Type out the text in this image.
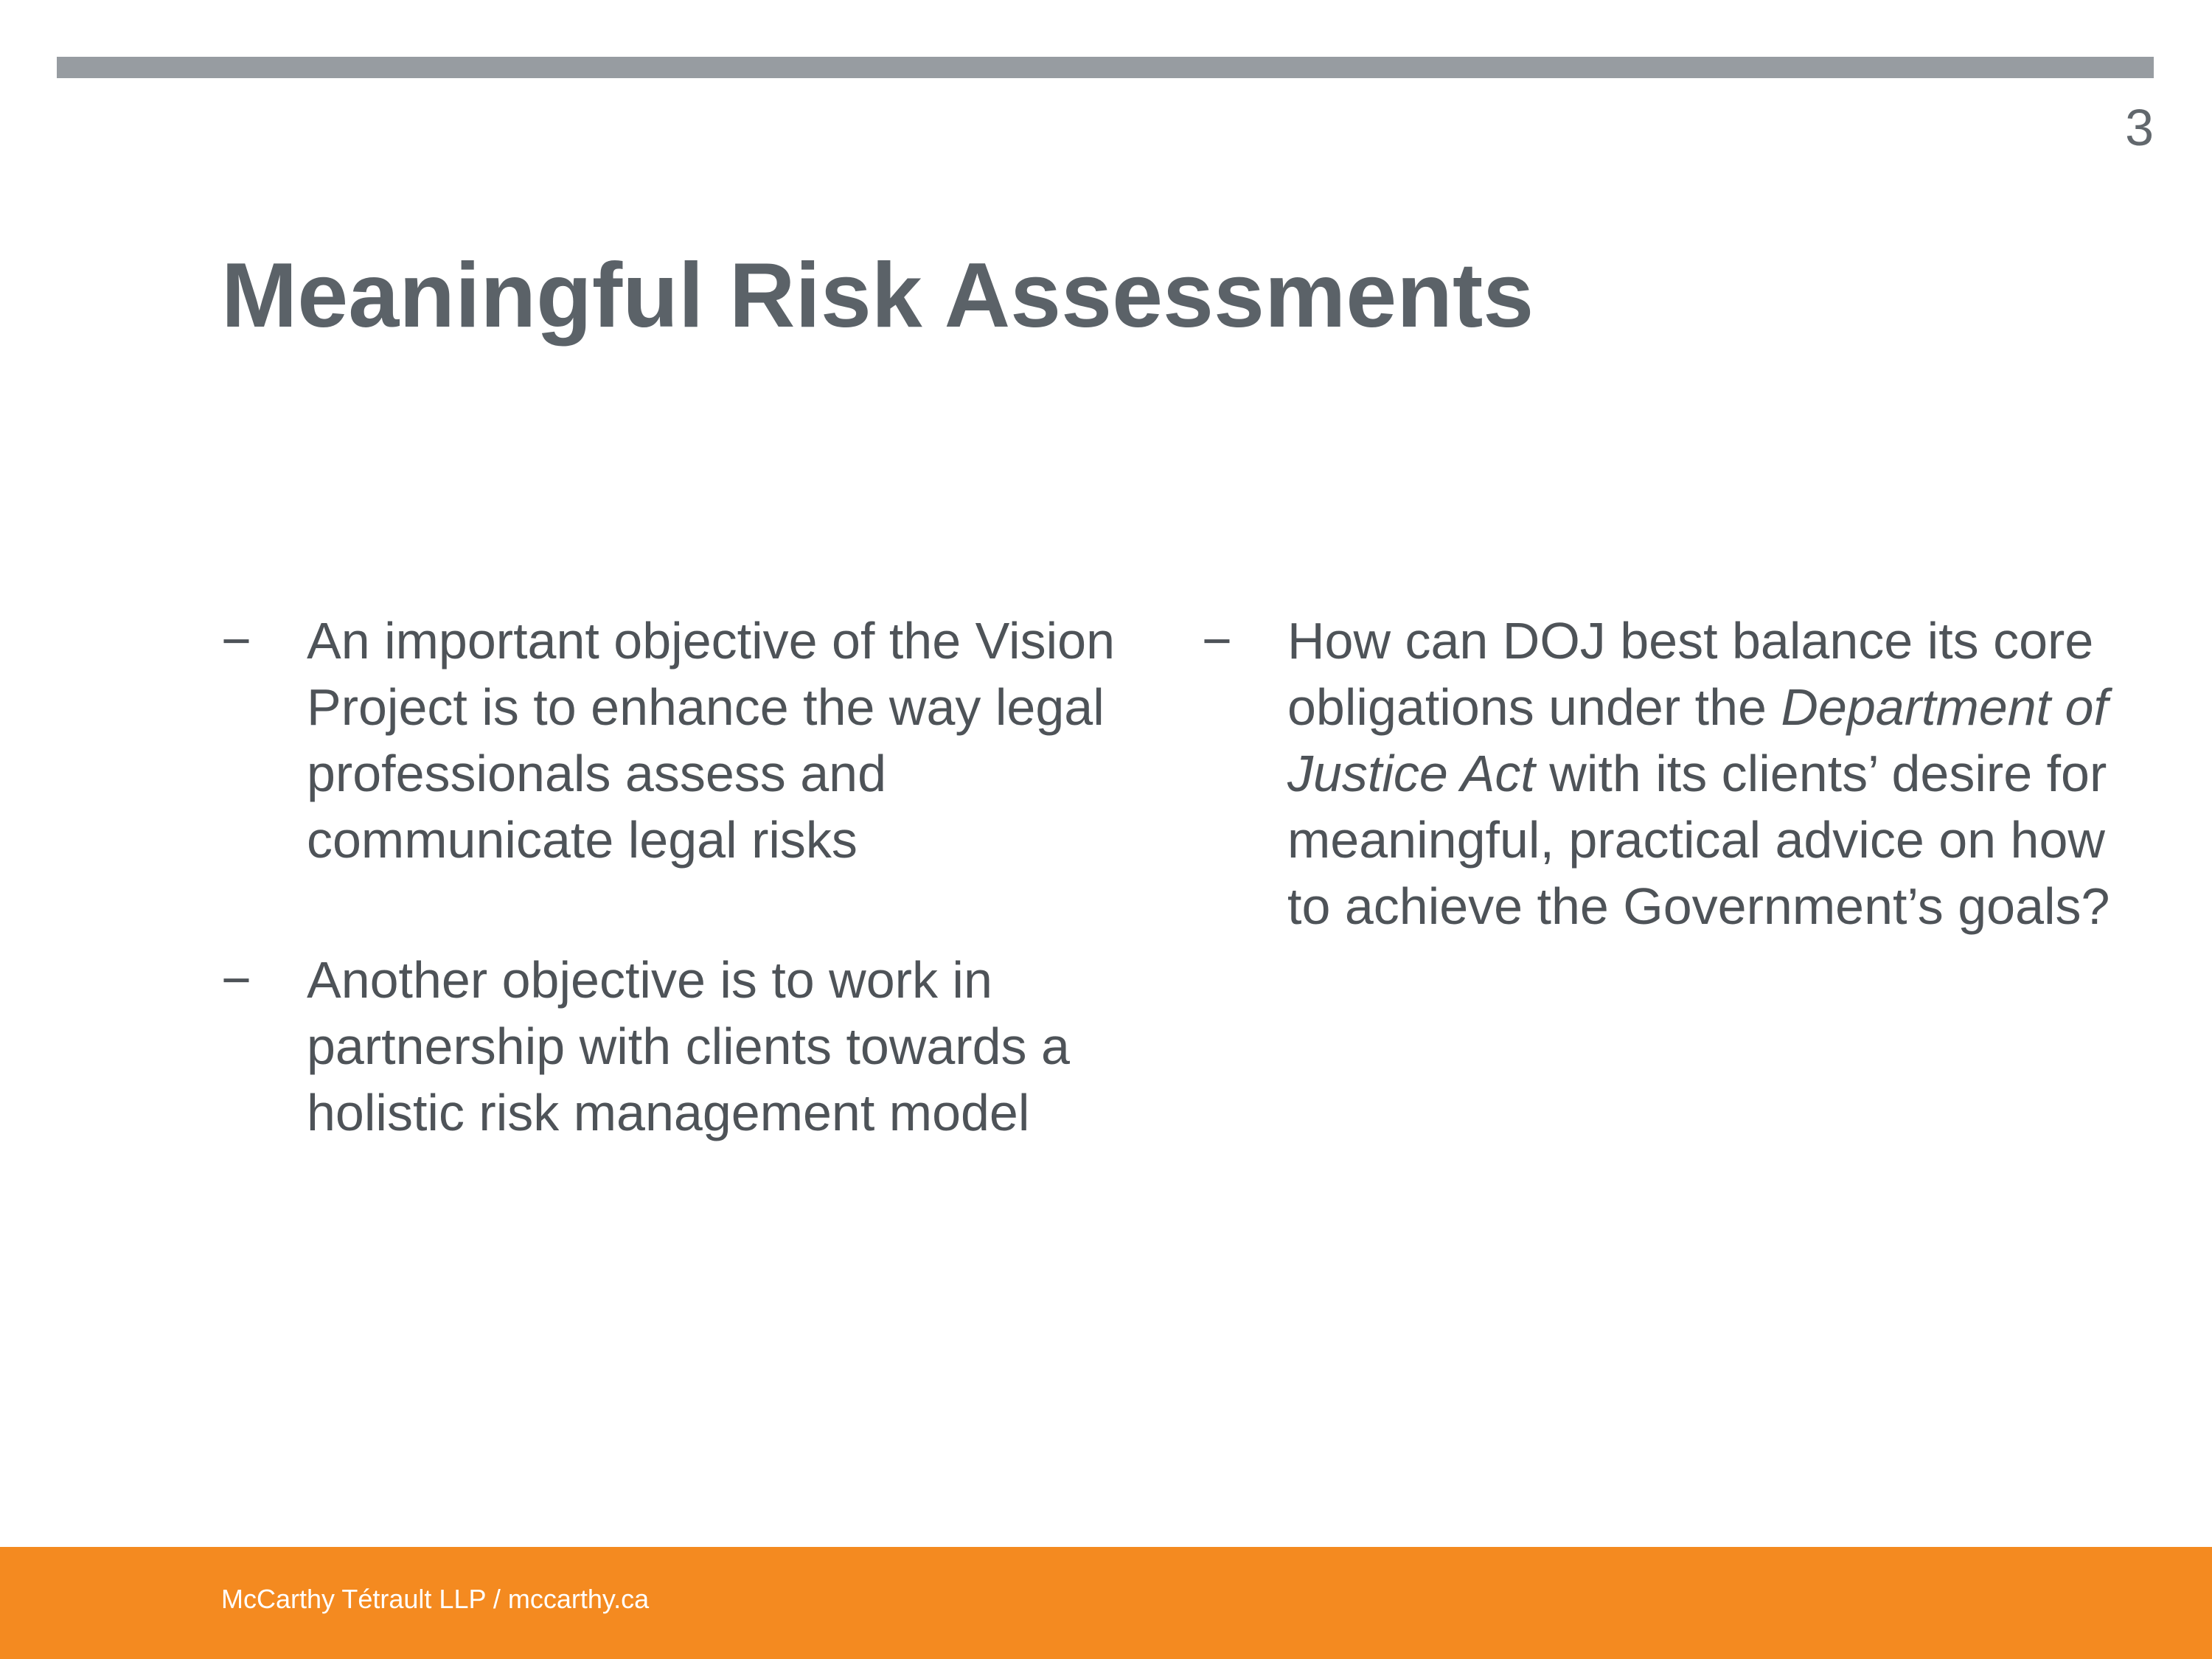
3
Meaningful Risk Assessments
− An important objective of the Vision Project is to enhance the way legal professionals assess and communicate legal risks
− Another objective is to work in partnership with clients towards a holistic risk management model
− How can DOJ best balance its core obligations under the Department of Justice Act with its clients’ desire for meaningful, practical advice on how to achieve the Government’s goals?
McCarthy Tétrault LLP / mccarthy.ca
